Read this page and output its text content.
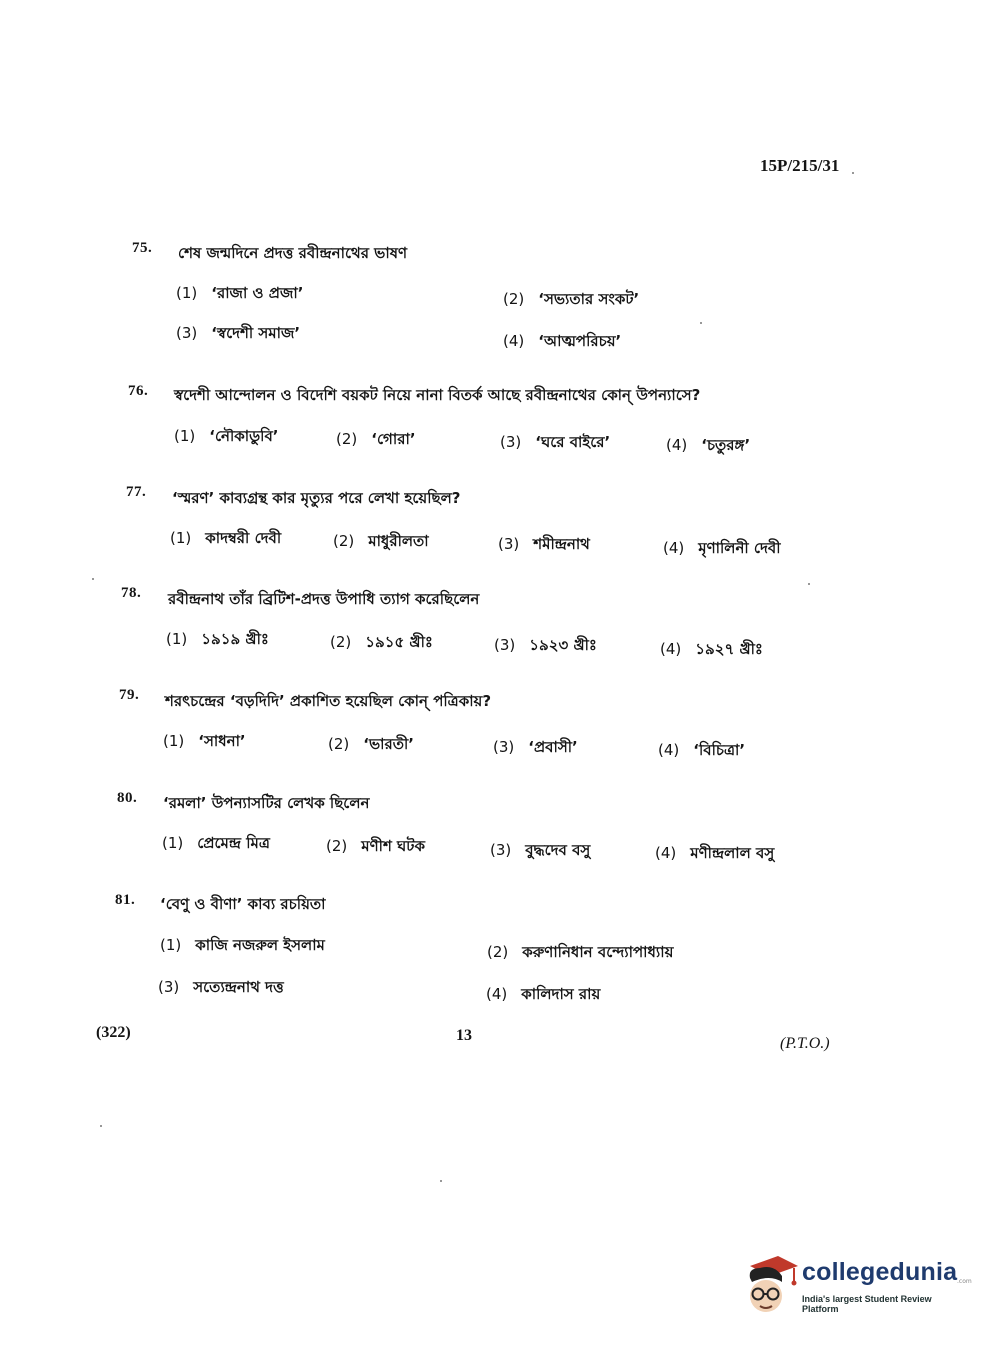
15P/215/31
75. শেষ জন্মদিনে প্রদত্ত রবীন্দ্রনাথের ভাষণ
(1) ‘রাজা ও প্রজা’	(2) ‘সভ্যতার সংকট’
(3) ‘স্বদেশী সমাজ’	(4) ‘আত্মপরিচয়’
76. স্বদেশী আন্দোলন ও বিদেশি বয়কট নিয়ে নানা বিতর্ক আছে রবীন্দ্রনাথের কোন্ উপন্যাসে?
(1) ‘নৌকাডুবি’	(2) ‘গোরা’	(3) ‘ঘরে বাইরে’	(4) ‘চতুরঙ্গ’
77. ‘স্মরণ’ কাব্যগ্রন্থ কার মৃত্যুর পরে লেখা হয়েছিল?
(1) কাদম্বরী দেবী	(2) মাধুরীলতা	(3) শমীন্দ্রনাথ	(4) মৃণালিনী দেবী
78. রবীন্দ্রনাথ তাঁর ব্রিটিশ-প্রদত্ত উপাধি ত্যাগ করেছিলেন
(1) ১৯১৯ খ্রীঃ	(2) ১৯১৫ খ্রীঃ	(3) ১৯২৩ খ্রীঃ	(4) ১৯২৭ খ্রীঃ
79. শরৎচন্দ্রের ‘বড়দিদি’ প্রকাশিত হয়েছিল কোন্ পত্রিকায়?
(1) ‘সাধনা’	(2) ‘ভারতী’	(3) ‘প্রবাসী’	(4) ‘বিচিত্রা’
80. ‘রমলা’ উপন্যাসটির লেখক ছিলেন
(1) প্রেমেন্দ্র মিত্র	(2) মণীশ ঘটক	(3) বুদ্ধদেব বসু	(4) মণীন্দ্রলাল বসু
81. ‘বেণু ও বীণা’ কাব্য রচয়িতা
(1) কাজি নজরুল ইসলাম	(2) করুণানিধান বন্দ্যোপাধ্যায়
(3) সত্যেন্দ্রনাথ দত্ত	(4) কালিদাস রায়
(322)	13	(P.T.O.)
collegedunia .com
India's largest Student Review Platform
